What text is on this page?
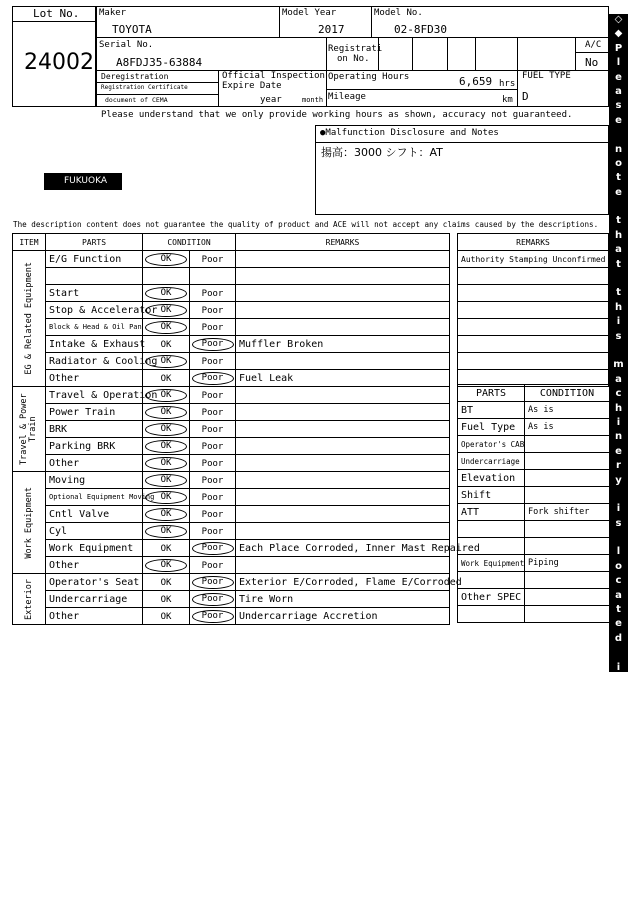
Lot No.
24002
Maker
TOYOTA
Model Year
2017
Model No.
02-8FD30
Serial No.
A8FDJ35-63884
Registrati
on No.
A/C
No
Deregistration
Registration Certificate
document of CEMA
Official Inspection
Expire Date
year	month
Operating Hours	6,659 hrs
Mileage	km
FUEL TYPE
D
Please understand that we only provide working hours as shown, accuracy not guaranteed.
●Malfunction Disclosure and Notes
揚高：3000 シフト：AT
FUKUOKA
The description content does not guarantee the quality of product and ACE will not accept any claims caused by the descriptions.
◇
◆
P
l
e
a
s
e

n
o
t
e

t
h
a
t

t
h
i
s

m
a
c
h
i
n
e
r
y

i
s

l
o
c
a
t
e
d

i
n

F
u
k
u
o
k
a

Y
a
r
d
◆
◇
ITEM	PARTS	CONDITION		REMARKS

EG & Related Equipment	E/G Function	OK	Poor	

	Start	OK	Poor	
	Stop & Accelerator	OK	Poor	
	Block & Head & Oil Pan	OK	Poor	
	Intake & Exhaust	OK	Poor	Muffler Broken
	Radiator & Cooling	OK	Poor	
	Other	OK	Poor	Fuel Leak

Travel & Power Train	Travel & Operation	OK	Poor	
	Power Train	OK	Poor	
	BRK	OK	Poor	
	Parking BRK	OK	Poor	
	Other	OK	Poor	

Work Equipment	Moving	OK	Poor	
	Optional Equipment Moving	OK	Poor	
	Cntl Valve	OK	Poor	
	Cyl	OK	Poor	
	Work Equipment	OK	Poor	Each Place Corroded, Inner Mast Repaired
	Other	OK	Poor	

Exterior	Operator's Seat	OK	Poor	Exterior E/Corroded, Flame E/Corroded
	Undercarriage	OK	Poor	Tire Worn
	Other	OK	Poor	Undercarriage Accretion
REMARKS
Authority Stamping Unconfirmed

PARTS	CONDITION
BT	As is
Fuel Type	As is
Operator's CAB	
Undercarriage	
Elevation	
Shift	
ATT	Fork shifter

Work Equipment	Piping

Other SPEC	
